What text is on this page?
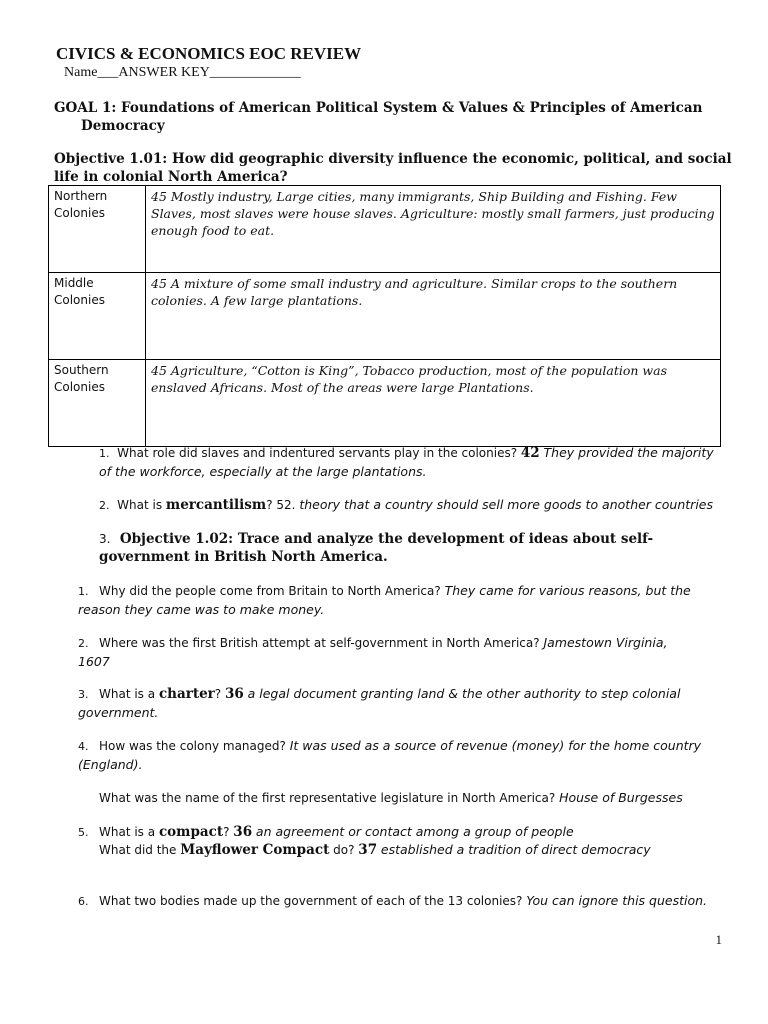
CIVICS & ECONOMICS EOC REVIEW
Name___ANSWER KEY_____________
GOAL 1: Foundations of American Political System & Values & Principles of American
Democracy
Objective 1.01: How did geographic diversity influence the economic, political, and social life in colonial North America?
Northern
Colonies	45 Mostly industry, Large cities, many immigrants, Ship Building and Fishing. Few Slaves, most slaves were house slaves. Agriculture: mostly small farmers, just producing enough food to eat.
Middle
Colonies	45 A mixture of some small industry and agriculture. Similar crops to the southern colonies. A few large plantations.
Southern
Colonies	45 Agriculture, “Cotton is King”, Tobacco production, most of the population was enslaved Africans. Most of the areas were large Plantations.
1. What role did slaves and indentured servants play in the colonies? 42 They provided the majority of the workforce, especially at the large plantations.
2. What is mercantilism? 52. theory that a country should sell more goods to another countries
3. Objective 1.02: Trace and analyze the development of ideas about self-government in British North America.
1. Why did the people come from Britain to North America? They came for various reasons, but the reason they came was to make money.
2. Where was the first British attempt at self-government in North America? Jamestown Virginia, 1607
3. What is a charter? 36 a legal document granting land & the other authority to step colonial government.
4. How was the colony managed? It was used as a source of revenue (money) for the home country (England).
What was the name of the first representative legislature in North America? House of Burgesses
5. What is a compact? 36 an agreement or contact among a group of people
What did the Mayflower Compact do? 37 established a tradition of direct democracy
6. What two bodies made up the government of each of the 13 colonies? You can ignore this question.
1
